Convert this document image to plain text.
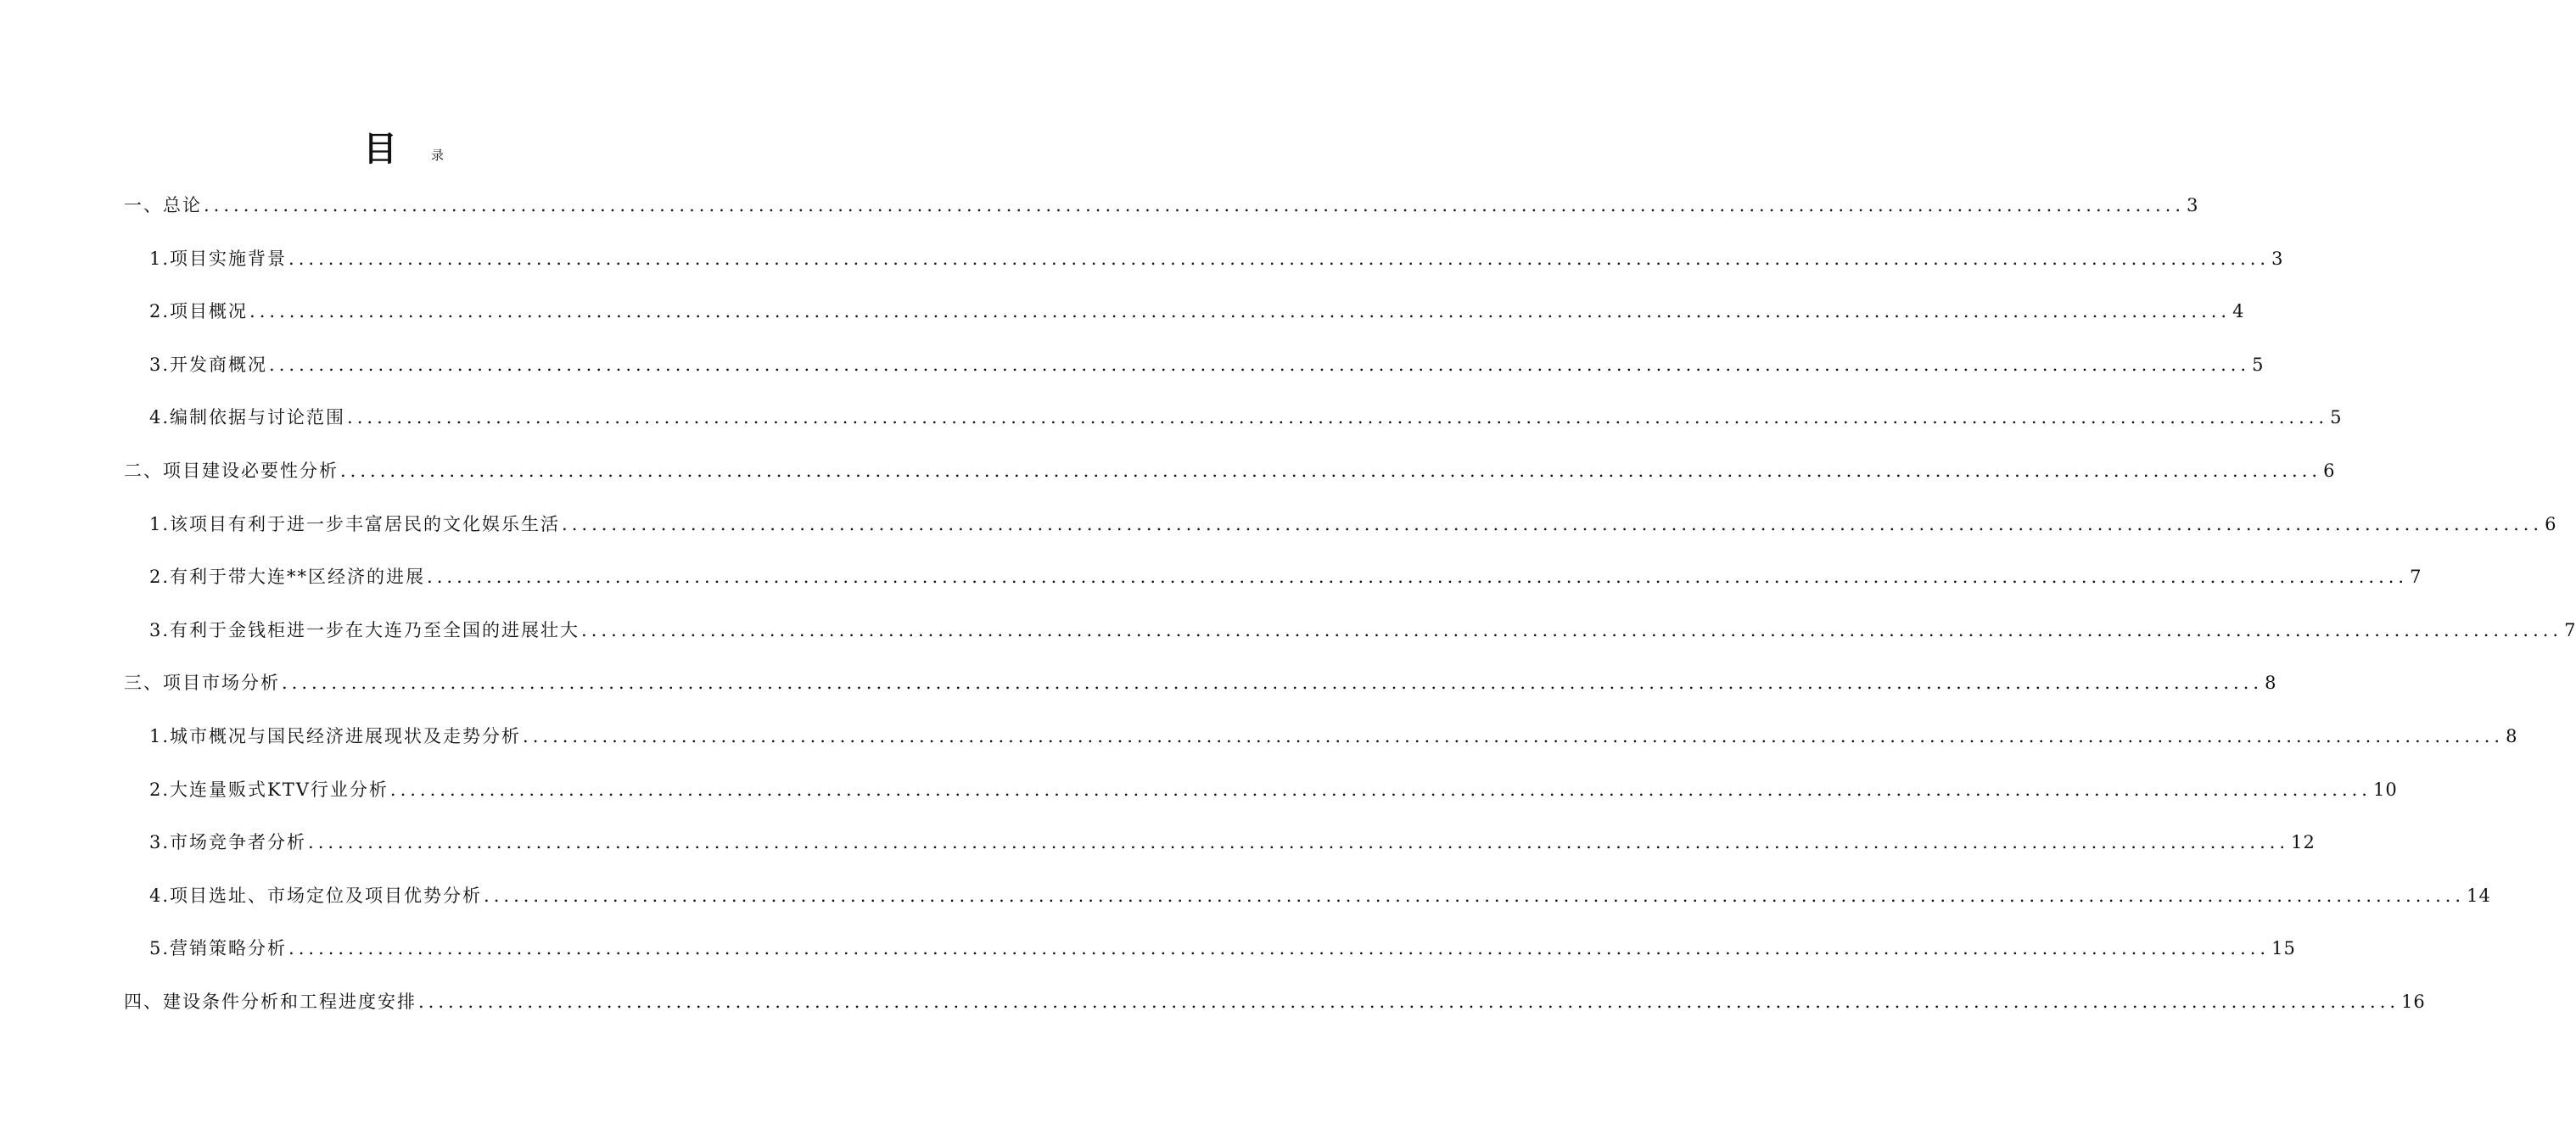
目	录
一、总论 ........................................................................................................................................................................................................ 3
1.项目实施背景 ........................................................................................................................................................................................................ 3
2.项目概况 ........................................................................................................................................................................................................ 4
3.开发商概况 ........................................................................................................................................................................................................ 5
4.编制依据与讨论范围 ........................................................................................................................................................................................................ 5
二、项目建设必要性分析 ........................................................................................................................................................................................................ 6
1.该项目有利于进一步丰富居民的文化娱乐生活 ........................................................................................................................................................................................................ 6
2.有利于带大连**区经济的进展 ........................................................................................................................................................................................................ 7
3.有利于金钱柜进一步在大连乃至全国的进展壮大 ........................................................................................................................................................................................................ 7
三、项目市场分析 ........................................................................................................................................................................................................ 8
1.城市概况与国民经济进展现状及走势分析 ........................................................................................................................................................................................................ 8
2.大连量贩式KTV行业分析 ........................................................................................................................................................................................................ 10
3.市场竞争者分析 ........................................................................................................................................................................................................ 12
4.项目选址、市场定位及项目优势分析 ........................................................................................................................................................................................................ 14
5.营销策略分析 ........................................................................................................................................................................................................ 15
四、建设条件分析和工程进度安排 ........................................................................................................................................................................................................ 16
